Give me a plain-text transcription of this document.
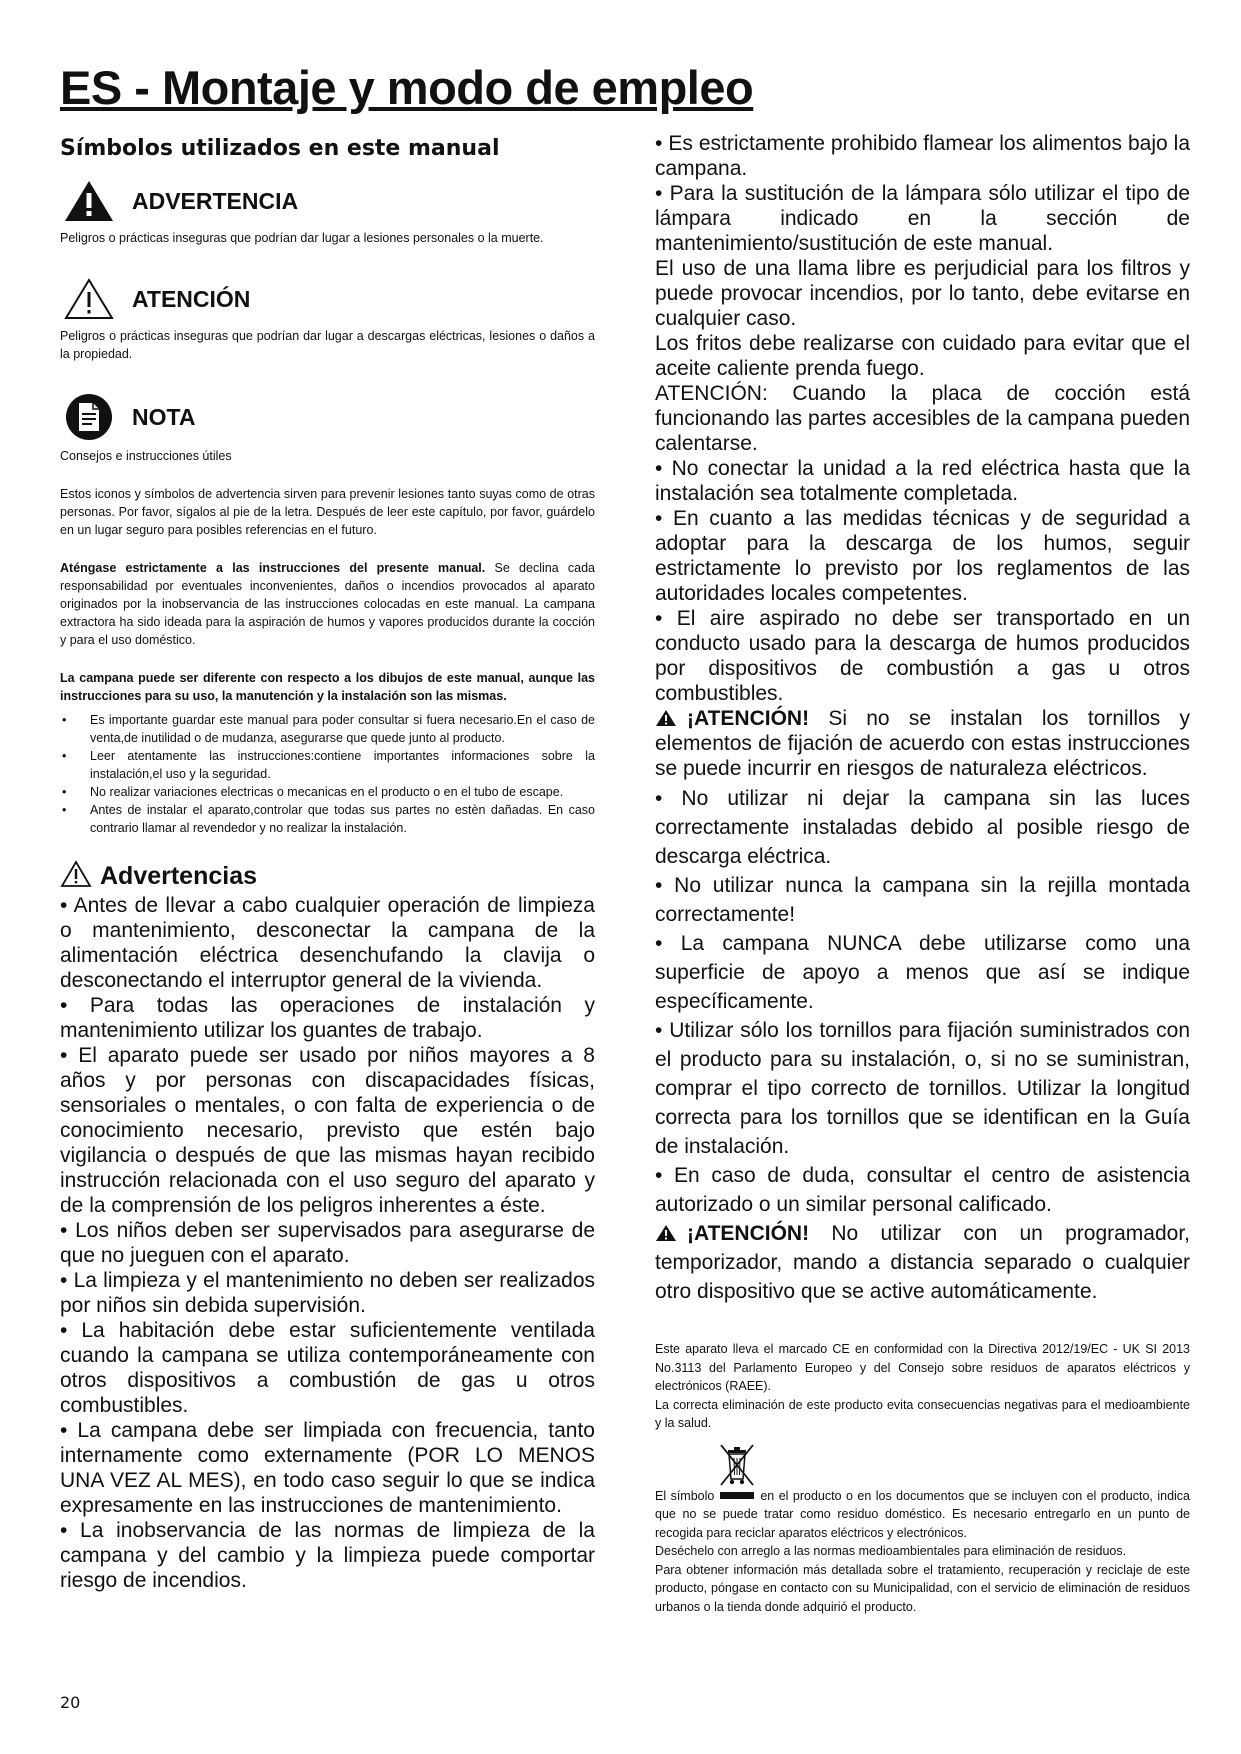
ES - Montaje y modo de empleo
Símbolos utilizados en este manual
ADVERTENCIA

Peligros o prácticas inseguras que podrían dar lugar a lesiones personales o la muerte.

ATENCIÓN

Peligros o prácticas inseguras que podrían dar lugar a descargas eléctricas, lesiones o daños a la propiedad.

NOTA

Consejos e instrucciones útiles

Estos iconos y símbolos de advertencia sirven para prevenir lesiones tanto suyas como de otras personas. Por favor, sígalos al pie de la letra. Después de leer este capítulo, por favor, guárdelo en un lugar seguro para posibles referencias en el futuro.

Aténgase estrictamente a las instrucciones del presente manual. Se declina cada responsabilidad por eventuales inconvenientes, daños o incendios provocados al aparato originados por la inobservancia de las instrucciones colocadas en este manual. La campana extractora ha sido ideada para la aspiración de humos y vapores producidos durante la cocción y para el uso doméstico.

La campana puede ser diferente con respecto a los dibujos de este manual, aunque las instrucciones para su uso, la manutención y la instalación son las mismas.

• Es importante guardar este manual para poder consultar si fuera necesario.En el caso de venta,de inutilidad o de mudanza, asegurarse que quede junto al producto.
• Leer atentamente las instrucciones:contiene importantes informaciones sobre la instalación,el uso y la seguridad.
• No realizar variaciones electricas o mecanicas en el producto o en el tubo de escape.
• Antes de instalar el aparato,controlar que todas sus partes no estèn dañadas. En caso contrario llamar al revendedor y no realizar la instalación.
Advertencias

• Antes de llevar a cabo cualquier operación de limpieza o mantenimiento, desconectar la campana de la alimentación eléctrica desenchufando la clavija o desconectando el interruptor general de la vivienda.

• Para todas las operaciones de instalación y mantenimiento utilizar los guantes de trabajo.

• El aparato puede ser usado por niños mayores a 8 años y por personas con discapacidades físicas, sensoriales o mentales, o con falta de experiencia o de conocimiento necesario, previsto que estén bajo vigilancia o después de que las mismas hayan recibido instrucción relacionada con el uso seguro del aparato y de la comprensión de los peligros inherentes a éste.

• Los niños deben ser supervisados para asegurarse de que no jueguen con el aparato.

• La limpieza y el mantenimiento no deben ser realizados por niños sin debida supervisión.

• La habitación debe estar suficientemente ventilada cuando la campana se utiliza contemporáneamente con otros dispositivos a combustión de gas u otros combustibles.

• La campana debe ser limpiada con frecuencia, tanto internamente como externamente (POR LO MENOS UNA VEZ AL MES), en todo caso seguir lo que se indica expresamente en las instrucciones de mantenimiento.

• La inobservancia de las normas de limpieza de la campana y del cambio y la limpieza puede comportar riesgo de incendios.

• Es estrictamente prohibido flamear los alimentos bajo la campana.

• Para la sustitución de la lámpara sólo utilizar el tipo de lámpara indicado en la sección de mantenimiento/sustitución de este manual.

El uso de una llama libre es perjudicial para los filtros y puede provocar incendios, por lo tanto, debe evitarse en cualquier caso.

Los fritos debe realizarse con cuidado para evitar que el aceite caliente prenda fuego.

ATENCIÓN: Cuando la placa de cocción está funcionando las partes accesibles de la campana pueden calentarse.

• No conectar la unidad a la red eléctrica hasta que la instalación sea totalmente completada.

• En cuanto a las medidas técnicas y de seguridad a adoptar para la descarga de los humos, seguir estrictamente lo previsto por los reglamentos de las autoridades locales competentes.

• El aire aspirado no debe ser transportado en un conducto usado para la descarga de humos producidos por dispositivos de combustión a gas u otros combustibles.

¡ATENCIÓN! Si no se instalan los tornillos y elementos de fijación de acuerdo con estas instrucciones se puede incurrir en riesgos de naturaleza eléctricos.

• No utilizar ni dejar la campana sin las luces correctamente instaladas debido al posible riesgo de descarga eléctrica.

• No utilizar nunca la campana sin la rejilla montada correctamente!

• La campana NUNCA debe utilizarse como una superficie de apoyo a menos que así se indique específicamente.

• Utilizar sólo los tornillos para fijación suministrados con el producto para su instalación, o, si no se suministran, comprar el tipo correcto de tornillos. Utilizar la longitud correcta para los tornillos que se identifican en la Guía de instalación.

• En caso de duda, consultar el centro de asistencia autorizado o un similar personal calificado.

¡ATENCIÓN! No utilizar con un programador, temporizador, mando a distancia separado o cualquier otro dispositivo que se active automáticamente.

Este aparato lleva el marcado CE en conformidad con la Directiva 2012/19/EC - UK SI 2013 No.3113 del Parlamento Europeo y del Consejo sobre residuos de aparatos eléctricos y electrónicos (RAEE).

La correcta eliminación de este producto evita consecuencias negativas para el medioambiente y la salud.

El símbolo	en el producto o en los documentos que se incluyen con el producto, indica que no se puede tratar como residuo doméstico. Es necesario entregarlo en un punto de recogida para reciclar aparatos eléctricos y electrónicos.

Deséchelo con arreglo a las normas medioambientales para eliminación de residuos.

Para obtener información más detallada sobre el tratamiento, recuperación y reciclaje de este producto, póngase en contacto con su Municipalidad, con el servicio de eliminación de residuos urbanos o la tienda donde adquirió el producto.

20
